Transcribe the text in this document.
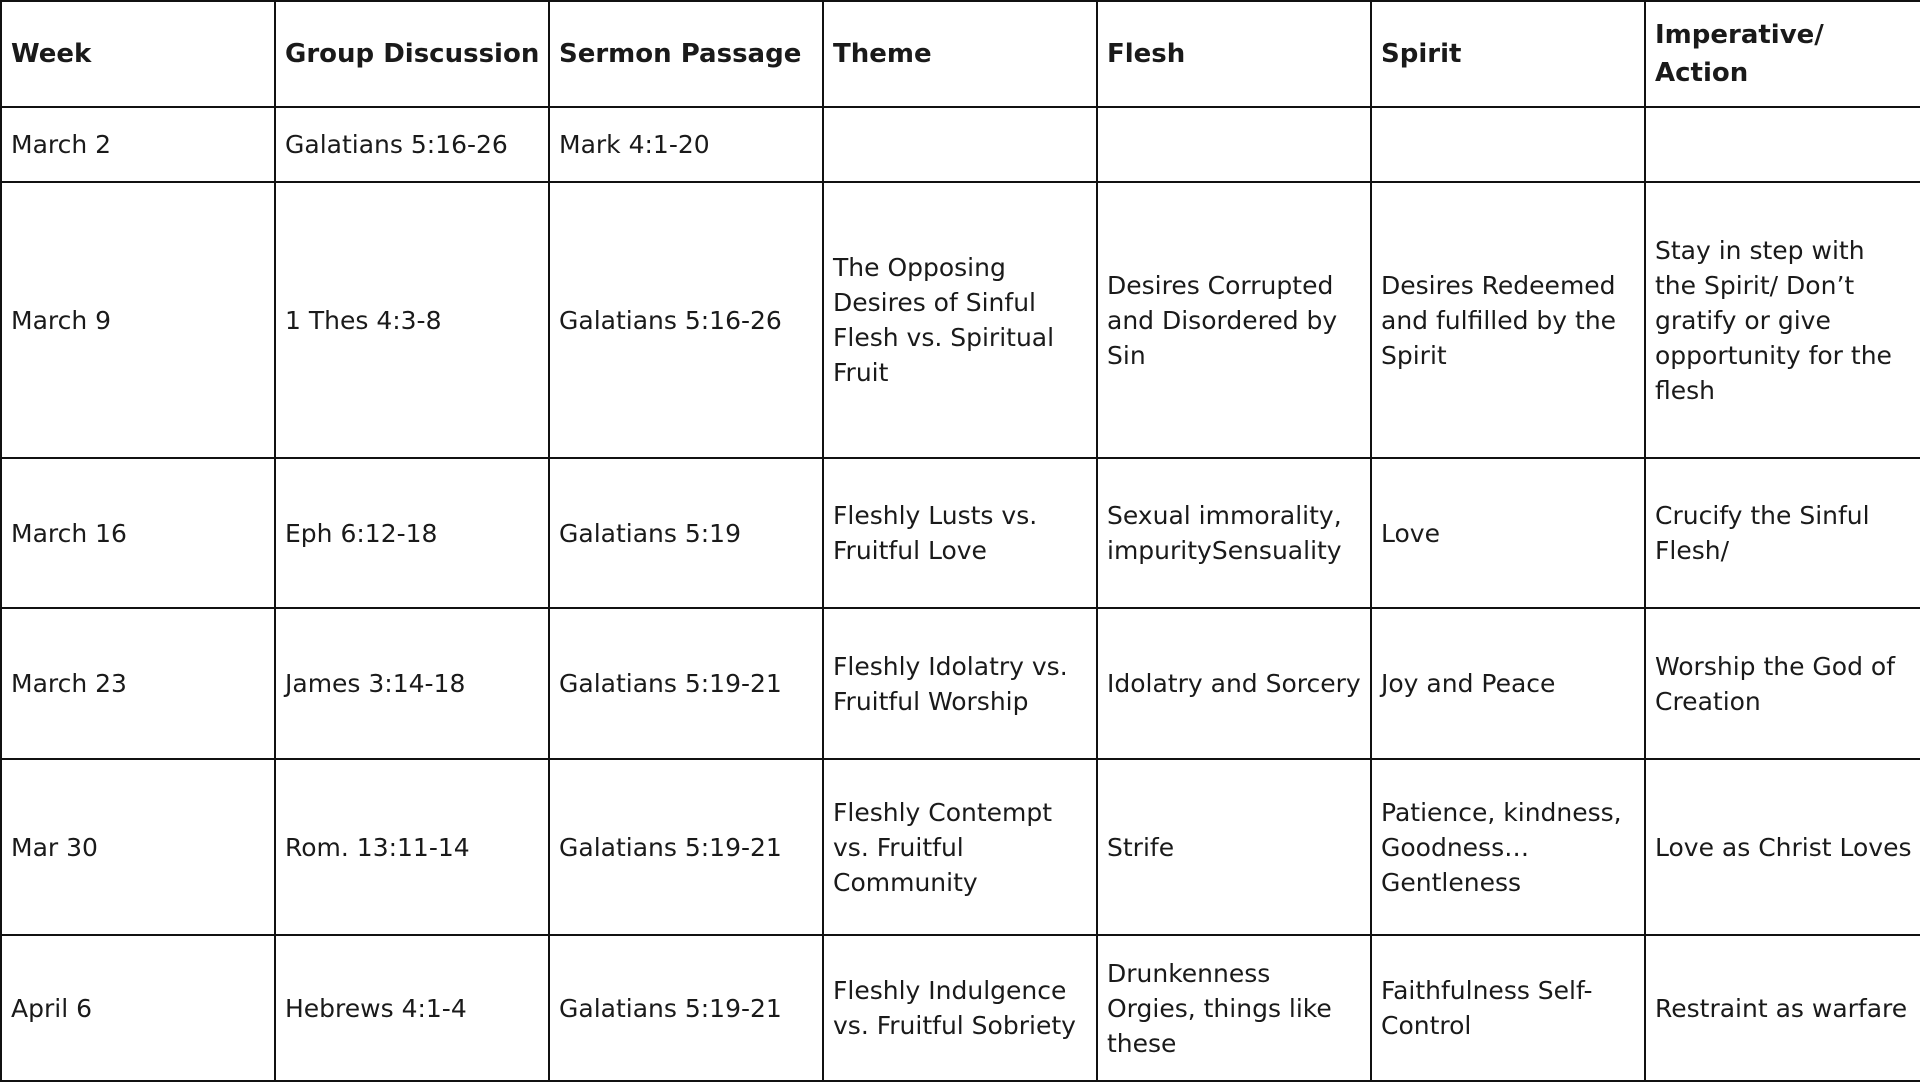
Week	Group Discussion	Sermon Passage	Theme	Flesh	Spirit	Imperative/ Action
March 2	Galatians 5:16-26	Mark 4:1-20				
March 9	1 Thes 4:3-8	Galatians 5:16-26	The Opposing Desires of Sinful Flesh vs. Spiritual Fruit	Desires Corrupted and Disordered by Sin	Desires Redeemed and fulfilled by the Spirit	Stay in step with the Spirit/ Don’t gratify or give opportunity for the flesh
March 16	Eph 6:12-18	Galatians 5:19	Fleshly Lusts vs. Fruitful Love	Sexual immorality, impuritySensuality	Love	Crucify the Sinful Flesh/
March 23	James 3:14-18	Galatians 5:19-21	Fleshly Idolatry vs. Fruitful Worship	Idolatry and Sorcery	Joy and Peace	Worship the God of Creation
Mar 30	Rom. 13:11-14	Galatians 5:19-21	Fleshly Contempt vs. Fruitful Community	Strife	Patience, kindness, Goodness… Gentleness	Love as Christ Loves
April 6	Hebrews 4:1-4	Galatians 5:19-21	Fleshly Indulgence vs. Fruitful Sobriety	Drunkenness Orgies, things like these	Faithfulness Self-Control	Restraint as warfare
